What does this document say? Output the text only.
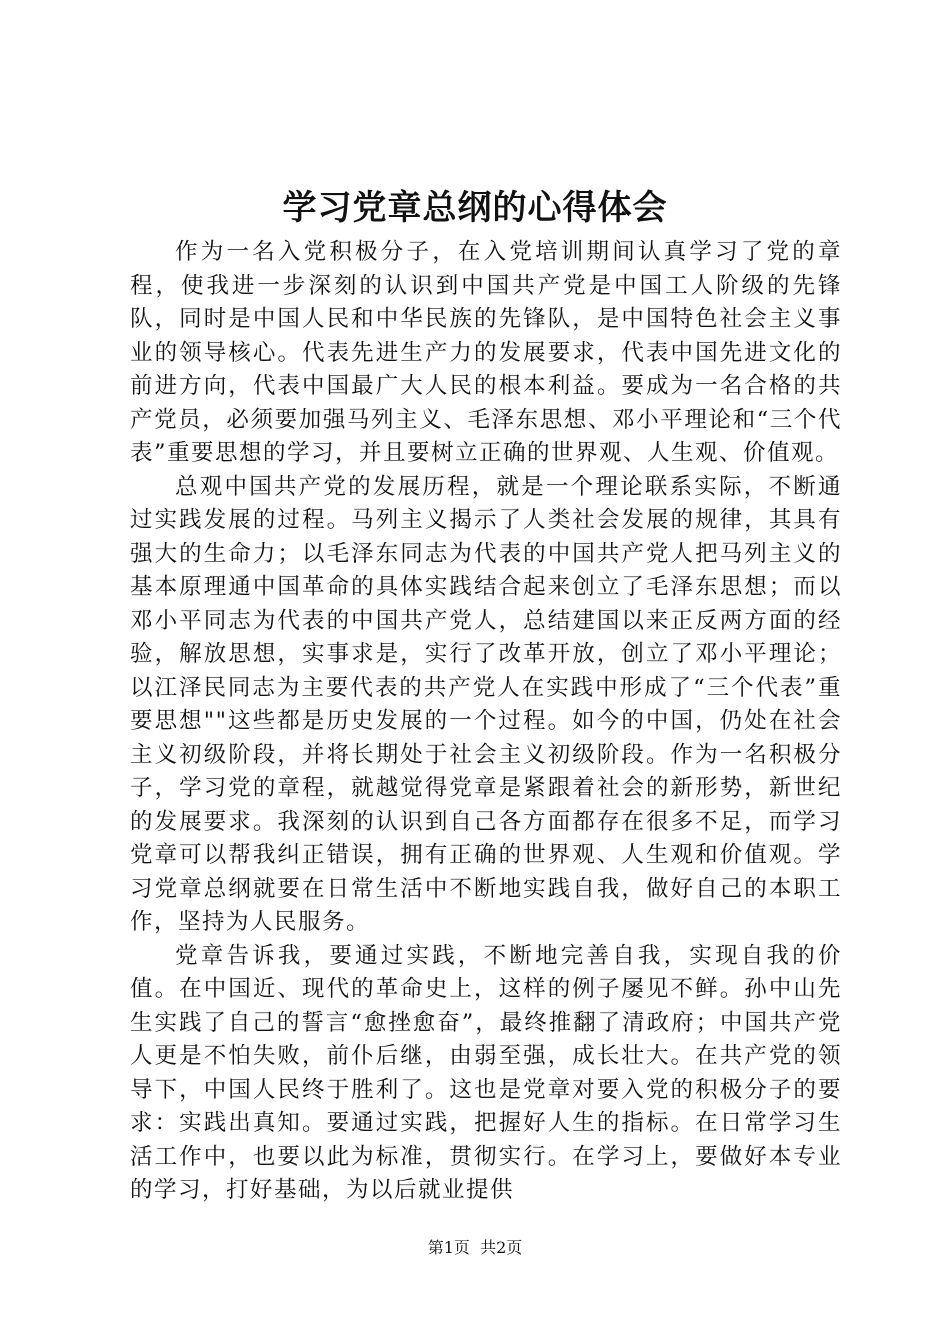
学习党章总纲的心得体会

作为一名入党积极分子，在入党培训期间认真学习了党的章程，使我进一步深刻的认识到中国共产党是中国工人阶级的先锋队，同时是中国人民和中华民族的先锋队，是中国特色社会主义事业的领导核心。代表先进生产力的发展要求，代表中国先进文化的前进方向，代表中国最广大人民的根本利益。要成为一名合格的共产党员，必须要加强马列主义、毛泽东思想、邓小平理论和“三个代表”重要思想的学习，并且要树立正确的世界观、人生观、价值观。

总观中国共产党的发展历程，就是一个理论联系实际，不断通过实践发展的过程。马列主义揭示了人类社会发展的规律，其具有强大的生命力；以毛泽东同志为代表的中国共产党人把马列主义的基本原理通中国革命的具体实践结合起来创立了毛泽东思想；而以邓小平同志为代表的中国共产党人，总结建国以来正反两方面的经验，解放思想，实事求是，实行了改革开放，创立了邓小平理论；以江泽民同志为主要代表的共产党人在实践中形成了“三个代表”重要思想""这些都是历史发展的一个过程。如今的中国，仍处在社会主义初级阶段，并将长期处于社会主义初级阶段。作为一名积极分子，学习党的章程，就越觉得党章是紧跟着社会的新形势，新世纪的发展要求。我深刻的认识到自己各方面都存在很多不足，而学习党章可以帮我纠正错误，拥有正确的世界观、人生观和价值观。学习党章总纲就要在日常生活中不断地实践自我，做好自己的本职工作，坚持为人民服务。

党章告诉我，要通过实践，不断地完善自我，实现自我的价值。在中国近、现代的革命史上，这样的例子屡见不鲜。孙中山先生实践了自己的誓言“愈挫愈奋”，最终推翻了清政府；中国共产党人更是不怕失败，前仆后继，由弱至强，成长壮大。在共产党的领导下，中国人民终于胜利了。这也是党章对要入党的积极分子的要求：实践出真知。要通过实践，把握好人生的指标。在日常学习生活工作中，也要以此为标准，贯彻实行。在学习上，要做好本专业的学习，打好基础，为以后就业提供

第1页  共2页
